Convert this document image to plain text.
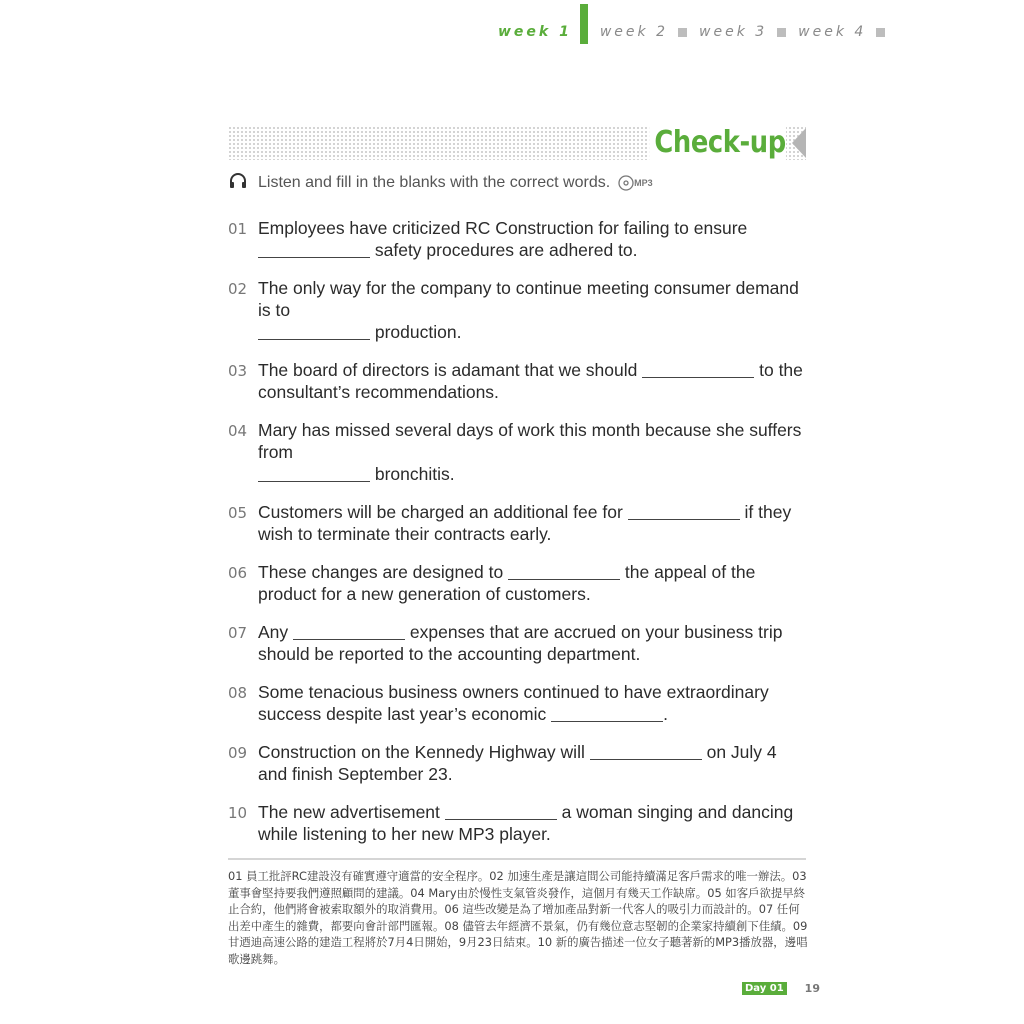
week 1 week 2 week 3 week 4
Check-up
Listen and fill in the blanks with the correct words.	MP3
01 Employees have criticized RC Construction for failing to ensure
safety procedures are adhered to.
02 The only way for the company to continue meeting consumer demand is to
production.
03 The board of directors is adamant that we should	to the consultant’s recommendations.
04 Mary has missed several days of work this month because she suffers from
bronchitis.
05 Customers will be charged an additional fee for	if they wish to terminate their contracts early.
06 These changes are designed to	the appeal of the product for a new generation of customers.
07 Any	expenses that are accrued on your business trip should be reported to the accounting department.
08 Some tenacious business owners continued to have extraordinary success despite last year’s economic	.
09 Construction on the Kennedy Highway will	on July 4 and finish September 23.
10 The new advertisement	a woman singing and dancing while listening to her new MP3 player.
01 員工批評RC建設沒有確實遵守適當的安全程序。02 加速生產是讓這間公司能持續滿足客戶需求的唯一辦法。03 董事會堅持要我們遵照顧問的建議。04 Mary由於慢性支氣管炎發作，這個月有幾天工作缺席。05 如客戶欲提早終止合約，他們將會被索取額外的取消費用。06 這些改變是為了增加產品對新一代客人的吸引力而設計的。07 任何出差中產生的雜費，都要向會計部門匯報。08 儘管去年經濟不景氣，仍有幾位意志堅韌的企業家持續創下佳績。09 甘迺迪高速公路的建造工程將於7月4日開始，9月23日結束。10 新的廣告描述一位女子聽著新的MP3播放器，邊唱歌邊跳舞。
Day 01 19
